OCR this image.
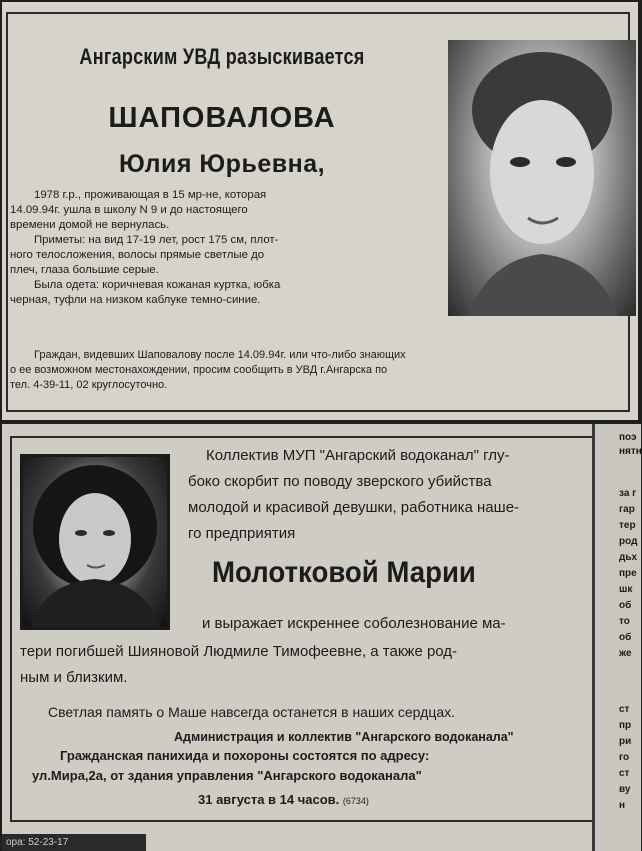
Ангарским УВД разыскивается
ШАПОВАЛОВА
Юлия Юрьевна,
1978 г.р., проживающая в 15 мр-не, которая
14.09.94г. ушла в школу N 9 и до настоящего
времени домой не вернулась.
Приметы: на вид 17-19 лет, рост 175 см, плот-
ного телосложения, волосы прямые светлые до
плеч, глаза большие серые.
Была одета: коричневая кожаная куртка, юбка
черная, туфли на низком каблуке темно-синие.
Граждан, видевших Шаповалову после 14.09.94г. или что-либо знающих
о ее возможном местонахождении, просим сообщить в УВД г.Ангарска по
тел. 4-39-11, 02 круглосуточно.
Коллектив МУП "Ангарский водоканал" глу-
боко скорбит по поводу зверского убийства
молодой и красивой девушки, работника наше-
го предприятия
Молотковой Марии
и выражает искреннее соболезнование ма-
тери погибшей Шияновой Людмиле Тимофеевне, а также род-
ным и близким.
Светлая память о Маше навсегда останется в наших сердцах.
Администрация и коллектив "Ангарского водоканала"
Гражданская панихида и похороны состоятся по адресу:
ул.Мира,2а, от здания управления "Ангарского водоканала"
31 августа в 14 часов. (6734)
ора: 52-23-17
поэ
нятн
за г
гар
тер
род
дьх
пре
шк
об
то
об
же
ст
пр
ри
го
ст
ву
н
